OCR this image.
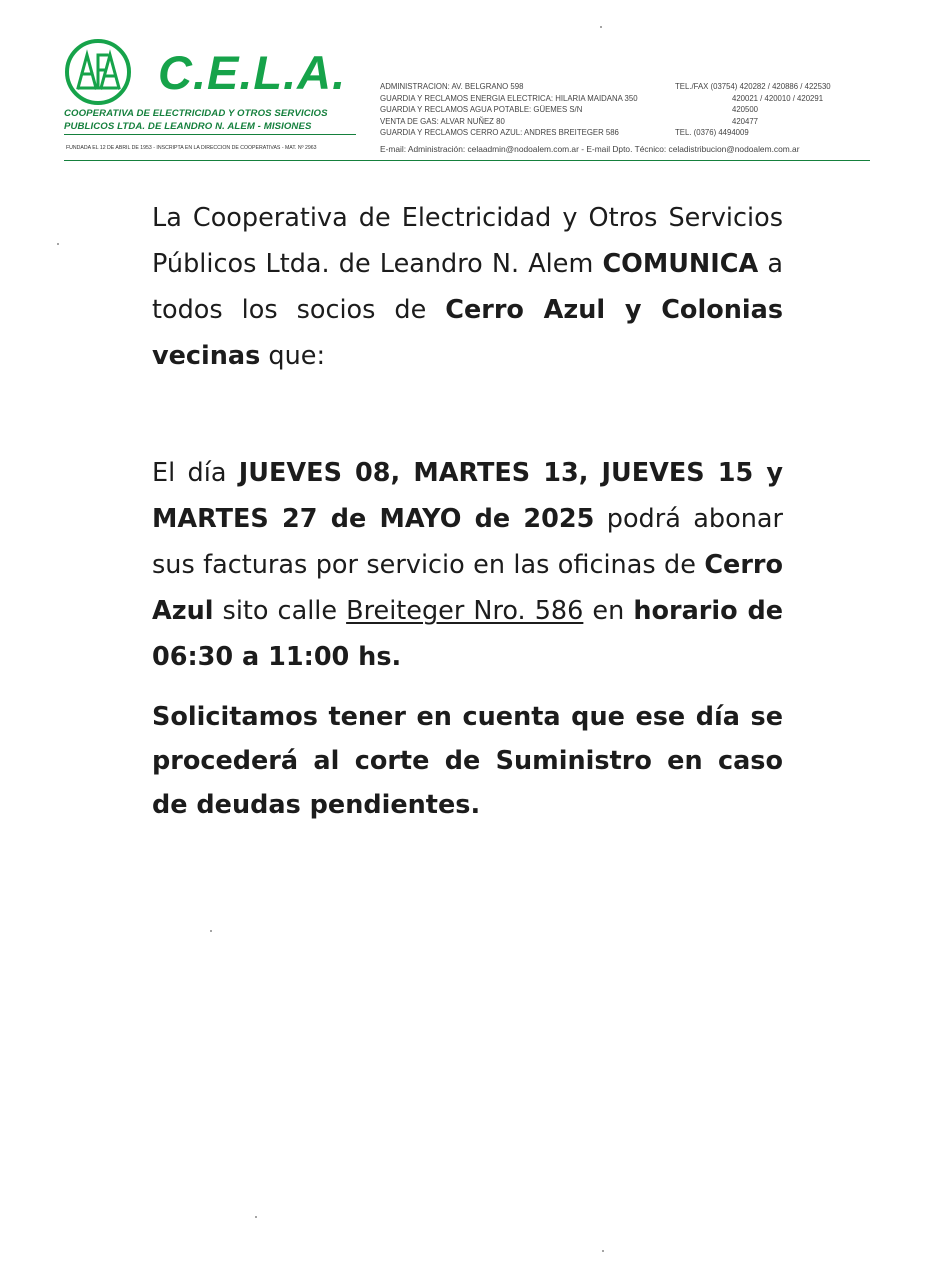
C.E.L.A.
COOPERATIVA DE ELECTRICIDAD Y OTROS SERVICIOS
PUBLICOS LTDA. DE LEANDRO N. ALEM - MISIONES
FUNDADA EL 12 DE ABRIL DE 1953 - INSCRIPTA EN LA DIRECCION DE COOPERATIVAS - MAT. Nº 2963
ADMINISTRACION: AV. BELGRANO 598	TEL./FAX (03754) 420282 / 420886 / 422530
GUARDIA Y RECLAMOS ENERGIA ELECTRICA: HILARIA MAIDANA 350	420021 / 420010 / 420291
GUARDIA Y RECLAMOS AGUA POTABLE: GÜEMES S/N	420500
VENTA DE GAS: ALVAR NUÑEZ 80	420477
GUARDIA Y RECLAMOS CERRO AZUL: ANDRES BREITEGER 586	TEL. (0376) 4494009
E-mail: Administración: celaadmin@nodoalem.com.ar - E-mail Dpto. Técnico: celadistribucion@nodoalem.com.ar
La Cooperativa de Electricidad y Otros Servicios Públicos Ltda. de Leandro N. Alem COMUNICA a todos los socios de Cerro Azul y Colonias vecinas que:
El día JUEVES 08, MARTES 13, JUEVES 15 y MARTES 27 de MAYO de 2025 podrá abonar sus facturas por servicio en las oficinas de Cerro Azul sito calle Breiteger Nro. 586 en horario de 06:30 a 11:00 hs.
Solicitamos tener en cuenta que ese día se procederá al corte de Suministro en caso de deudas pendientes.
